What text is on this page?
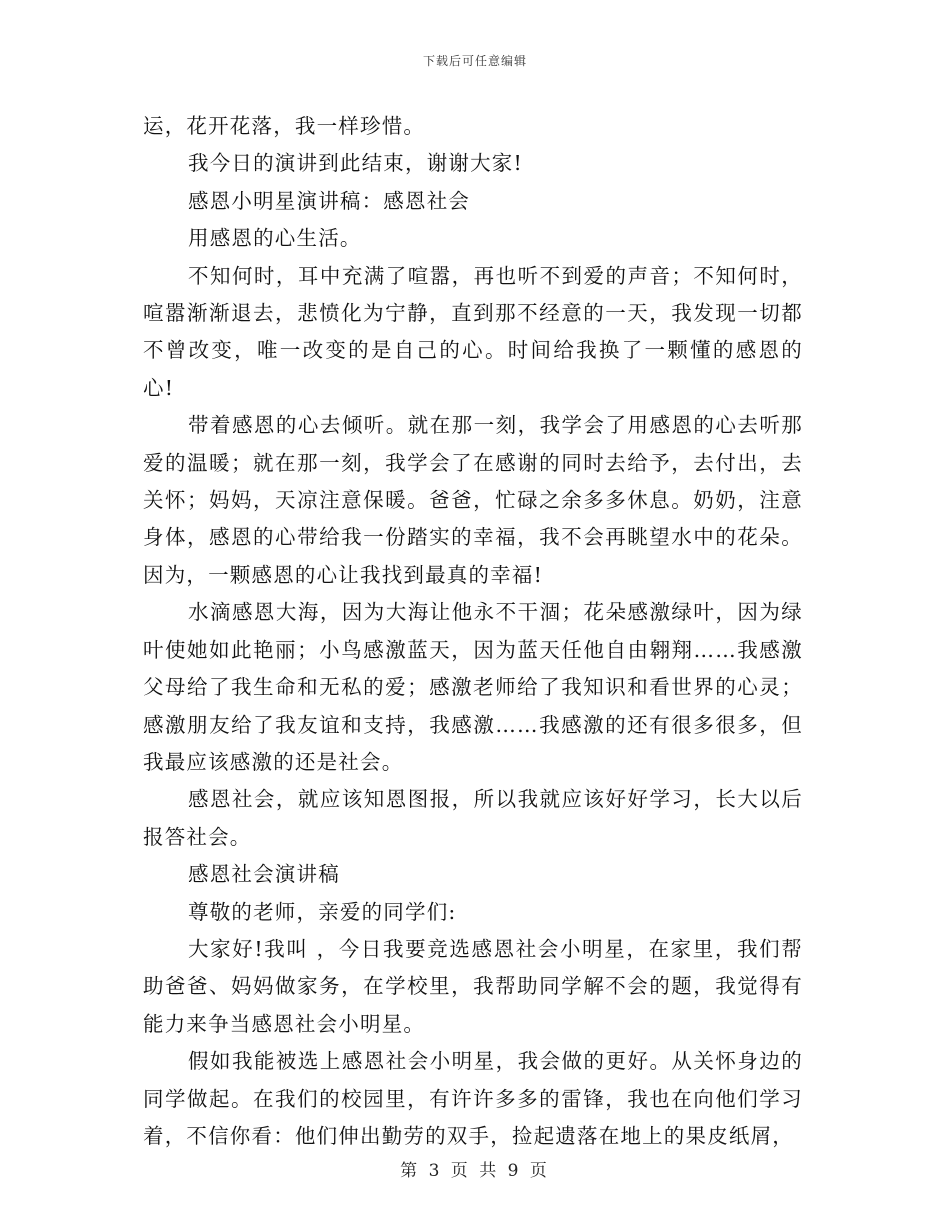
下载后可任意编辑

运，花开花落，我一样珍惜。

我今日的演讲到此结束，谢谢大家!

感恩小明星演讲稿：感恩社会

用感恩的心生活。

不知何时，耳中充满了喧嚣，再也听不到爱的声音；不知何时，喧嚣渐渐退去，悲愤化为宁静，直到那不经意的一天，我发现一切都不曾改变，唯一改变的是自己的心。时间给我换了一颗懂的感恩的心!

带着感恩的心去倾听。就在那一刻，我学会了用感恩的心去听那爱的温暖；就在那一刻，我学会了在感谢的同时去给予，去付出，去关怀；妈妈，天凉注意保暖。爸爸，忙碌之余多多休息。奶奶，注意身体，感恩的心带给我一份踏实的幸福，我不会再眺望水中的花朵。因为，一颗感恩的心让我找到最真的幸福!

水滴感恩大海，因为大海让他永不干涸；花朵感激绿叶，因为绿叶使她如此艳丽；小鸟感激蓝天，因为蓝天任他自由翱翔……我感激父母给了我生命和无私的爱；感激老师给了我知识和看世界的心灵；感激朋友给了我友谊和支持，我感激……我感激的还有很多很多，但我最应该感激的还是社会。

感恩社会，就应该知恩图报，所以我就应该好好学习，长大以后报答社会。

感恩社会演讲稿

尊敬的老师，亲爱的同学们:

大家好!我叫 ，今日我要竞选感恩社会小明星，在家里，我们帮助爸爸、妈妈做家务，在学校里，我帮助同学解不会的题，我觉得有能力来争当感恩社会小明星。

假如我能被选上感恩社会小明星，我会做的更好。从关怀身边的同学做起。在我们的校园里，有许许多多的雷锋，我也在向他们学习着，不信你看：他们伸出勤劳的双手，捡起遗落在地上的果皮纸屑，

第 3 页 共 9 页
